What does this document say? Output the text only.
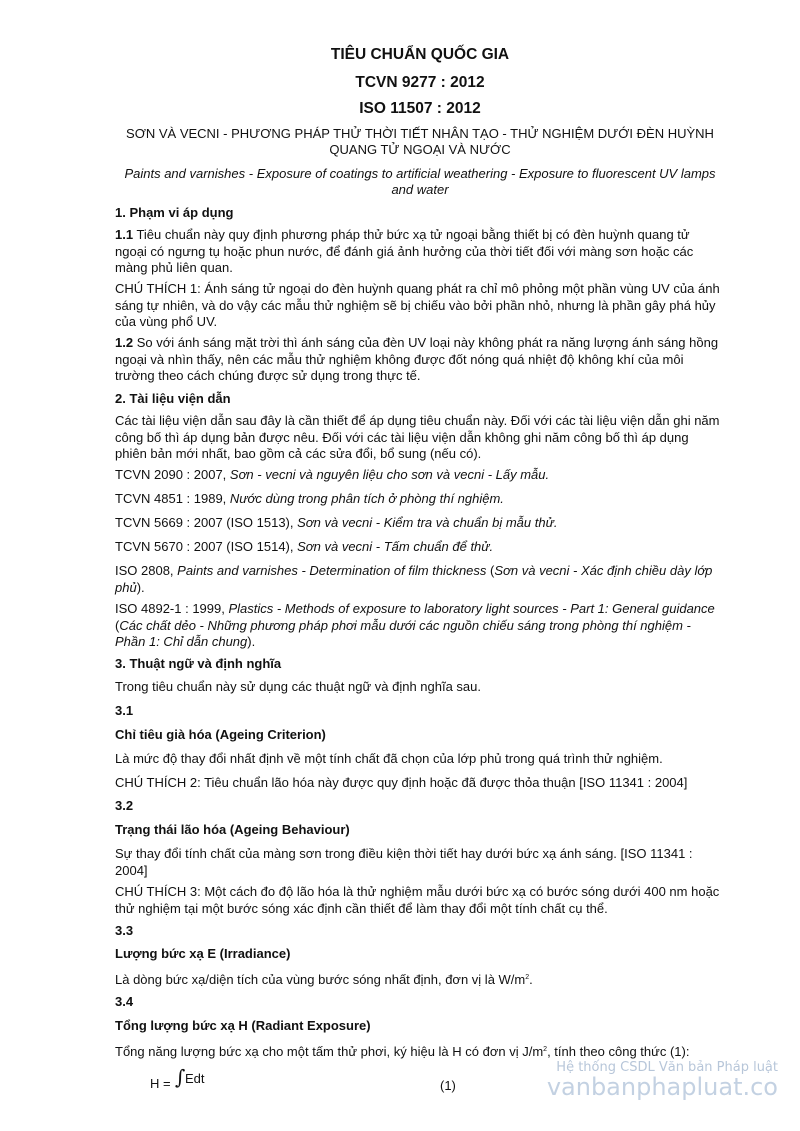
TIÊU CHUẨN QUỐC GIA

TCVN 9277 : 2012

ISO 11507 : 2012

SƠN VÀ VECNI - PHƯƠNG PHÁP THỬ THỜI TIẾT NHÂN TẠO - THỬ NGHIỆM DƯỚI ĐÈN HUỲNH QUANG TỬ NGOẠI VÀ NƯỚC
Paints and varnishes - Exposure of coatings to artificial weathering - Exposure to fluorescent UV lamps and water
1. Phạm vi áp dụng
1.1 Tiêu chuẩn này quy định phương pháp thử bức xạ tử ngoại bằng thiết bị có đèn huỳnh quang tử ngoại có ngưng tụ hoặc phun nước, để đánh giá ảnh hưởng của thời tiết đối với màng sơn hoặc các màng phủ liên quan.
CHÚ THÍCH 1: Ánh sáng tử ngoại do đèn huỳnh quang phát ra chỉ mô phỏng một phần vùng UV của ánh sáng tự nhiên, và do vậy các mẫu thử nghiệm sẽ bị chiếu vào bởi phần nhỏ, nhưng là phần gây phá hủy của vùng phổ UV.
1.2 So với ánh sáng mặt trời thì ánh sáng của đèn UV loại này không phát ra năng lượng ánh sáng hồng ngoại và nhìn thấy, nên các mẫu thử nghiệm không được đốt nóng quá nhiệt độ không khí của môi trường theo cách chúng được sử dụng trong thực tế.
2. Tài liệu viện dẫn
Các tài liệu viện dẫn sau đây là cần thiết để áp dụng tiêu chuẩn này. Đối với các tài liệu viện dẫn ghi năm công bố thì áp dụng bản được nêu. Đối với các tài liệu viện dẫn không ghi năm công bố thì áp dụng phiên bản mới nhất, bao gồm cả các sửa đổi, bổ sung (nếu có).
TCVN 2090 : 2007, Sơn - vecni và nguyên liệu cho sơn và vecni - Lấy mẫu.
TCVN 4851 : 1989, Nước dùng trong phân tích ở phòng thí nghiệm.
TCVN 5669 : 2007 (ISO 1513), Sơn và vecni - Kiểm tra và chuẩn bị mẫu thử.
TCVN 5670 : 2007 (ISO 1514), Sơn và vecni - Tấm chuẩn để thử.
ISO 2808, Paints and varnishes - Determination of film thickness (Sơn và vecni - Xác định chiều dày lớp phủ).
ISO 4892-1 : 1999, Plastics - Methods of exposure to laboratory light sources - Part 1: General guidance (Các chất dẻo - Những phương pháp phơi mẫu dưới các nguồn chiếu sáng trong phòng thí nghiệm - Phần 1: Chỉ dẫn chung).
3. Thuật ngữ và định nghĩa
Trong tiêu chuẩn này sử dụng các thuật ngữ và định nghĩa sau.
3.1
Chỉ tiêu già hóa (Ageing Criterion)
Là mức độ thay đổi nhất định về một tính chất đã chọn của lớp phủ trong quá trình thử nghiệm.
CHÚ THÍCH 2: Tiêu chuẩn lão hóa này được quy định hoặc đã được thỏa thuận [ISO 11341 : 2004]
3.2
Trạng thái lão hóa (Ageing Behaviour)
Sự thay đổi tính chất của màng sơn trong điều kiện thời tiết hay dưới bức xạ ánh sáng. [ISO 11341 : 2004]
CHÚ THÍCH 3: Một cách đo độ lão hóa là thử nghiệm mẫu dưới bức xạ có bước sóng dưới 400 nm hoặc thử nghiệm tại một bước sóng xác định cần thiết để làm thay đổi một tính chất cụ thể.
3.3
Lượng bức xạ E (Irradiance)
Là dòng bức xạ/diện tích của vùng bước sóng nhất định, đơn vị là $W/m^2$.
3.4
Tổng lượng bức xạ H (Radiant Exposure)
Tổng năng lượng bức xạ cho một tấm thử phơi, ký hiệu là H có đơn vị $J/m^2$, tính theo công thức (1):
H = ∫ Edt	(1)
Hệ thống CSDL Văn bản Pháp luật
vanbanphapluat.co
